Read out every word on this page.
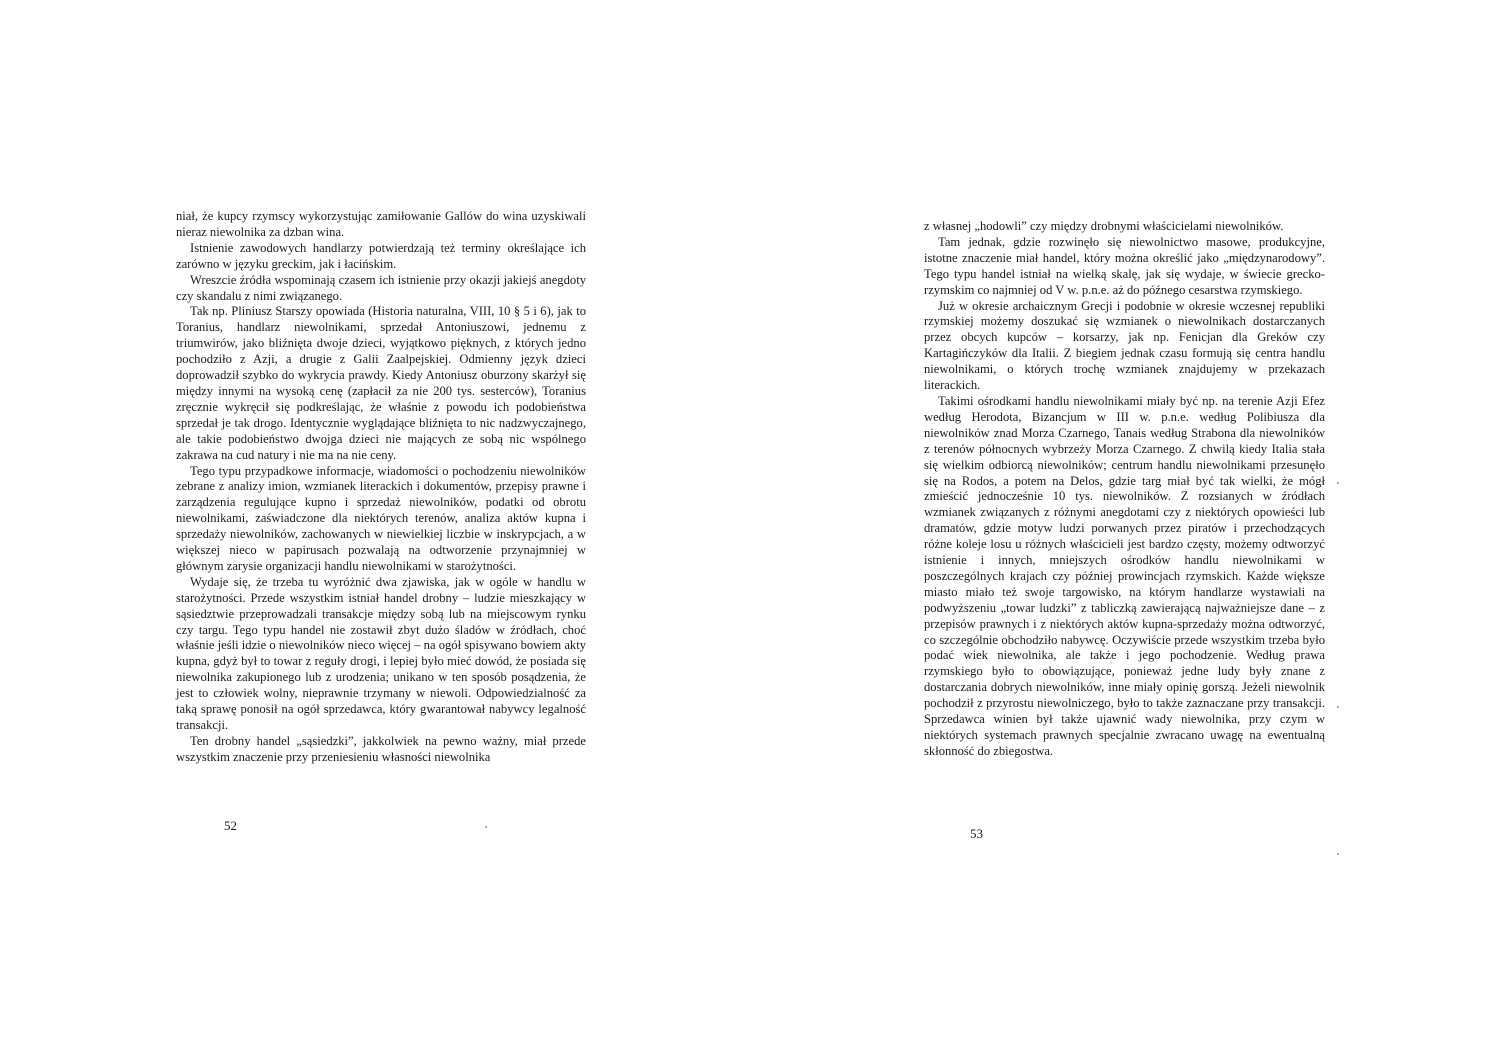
niał, że kupcy rzymscy wykorzystując zamiłowanie Gallów do wina uzyskiwali nieraz niewolnika za dzban wina.

Istnienie zawodowych handlarzy potwierdzają też terminy określające ich zarówno w języku greckim, jak i łacińskim.

Wreszcie źródła wspominają czasem ich istnienie przy okazji jakiejś anegdoty czy skandalu z nimi związanego.

Tak np. Pliniusz Starszy opowiada (Historia naturalna, VIII, 10 § 5 i 6), jak to Toranius, handlarz niewolnikami, sprzedał Antoniuszowi, jednemu z triumwirów, jako bliźnięta dwoje dzieci, wyjątkowo pięknych, z których jedno pochodziło z Azji, a drugie z Galii Zaalpejskiej. Odmienny język dzieci doprowadził szybko do wykrycia prawdy. Kiedy Antoniusz oburzony skarżył się między innymi na wysoką cenę (zapłacił za nie 200 tys. sesterców), Toranius zręcznie wykręcił się podkreślając, że właśnie z powodu ich podobieństwa sprzedał je tak drogo. Identycznie wyglądające bliźnięta to nic nadzwyczajnego, ale takie podobieństwo dwojga dzieci nie mających ze sobą nic wspólnego zakrawa na cud natury i nie ma na nie ceny.

Tego typu przypadkowe informacje, wiadomości o pochodzeniu niewolników zebrane z analizy imion, wzmianek literackich i dokumentów, przepisy prawne i zarządzenia regulujące kupno i sprzedaż niewolników, podatki od obrotu niewolnikami, zaświadczone dla niektórych terenów, analiza aktów kupna i sprzedaży niewolników, zachowanych w niewielkiej liczbie w inskrypcjach, a w większej nieco w papirusach pozwalają na odtworzenie przynajmniej w głównym zarysie organizacji handlu niewolnikami w starożytności.

Wydaje się, że trzeba tu wyróżnić dwa zjawiska, jak w ogóle w handlu w starożytności. Przede wszystkim istniał handel drobny – ludzie mieszkający w sąsiedztwie przeprowadzali transakcje między sobą lub na miejscowym rynku czy targu. Tego typu handel nie zostawił zbyt dużo śladów w źródłach, choć właśnie jeśli idzie o niewolników nieco więcej – na ogół spisywano bowiem akty kupna, gdyż był to towar z reguły drogi, i lepiej było mieć dowód, że posiada się niewolnika zakupionego lub z urodzenia; unikano w ten sposób posądzenia, że jest to człowiek wolny, nieprawnie trzymany w niewoli. Odpowiedzialność za taką sprawę ponosił na ogół sprzedawca, który gwarantował nabywcy legalność transakcji.

Ten drobny handel „sąsiedzki”, jakkolwiek na pewno ważny, miał przede wszystkim znaczenie przy przeniesieniu własności niewolnika

52

z własnej „hodowli” czy między drobnymi właścicielami niewolników.

Tam jednak, gdzie rozwinęło się niewolnictwo masowe, produkcyjne, istotne znaczenie miał handel, który można określić jako „międzynarodowy”. Tego typu handel istniał na wielką skalę, jak się wydaje, w świecie grecko-rzymskim co najmniej od V w. p.n.e. aż do późnego cesarstwa rzymskiego.

Już w okresie archaicznym Grecji i podobnie w okresie wczesnej republiki rzymskiej możemy doszukać się wzmianek o niewolnikach dostarczanych przez obcych kupców – korsarzy, jak np. Fenicjan dla Greków czy Kartagińczyków dla Italii. Z biegiem jednak czasu formują się centra handlu niewolnikami, o których trochę wzmianek znajdujemy w przekazach literackich.

Takimi ośrodkami handlu niewolnikami miały być np. na terenie Azji Efez według Herodota, Bizancjum w III w. p.n.e. według Polibiusza dla niewolników znad Morza Czarnego, Tanais według Strabona dla niewolników z terenów północnych wybrzeży Morza Czarnego. Z chwilą kiedy Italia stała się wielkim odbiorcą niewolników; centrum handlu niewolnikami przesunęło się na Rodos, a potem na Delos, gdzie targ miał być tak wielki, że mógł zmieścić jednocześnie 10 tys. niewolników. Z rozsianych w źródłach wzmianek związanych z różnymi anegdotami czy z niektórych opowieści lub dramatów, gdzie motyw ludzi porwanych przez piratów i przechodzących różne koleje losu u różnych właścicieli jest bardzo częsty, możemy odtworzyć istnienie i innych, mniejszych ośrodków handlu niewolnikami w poszczególnych krajach czy później prowincjach rzymskich. Każde większe miasto miało też swoje targowisko, na którym handlarze wystawiali na podwyższeniu „towar ludzki” z tabliczką zawierającą najważniejsze dane – z przepisów prawnych i z niektórych aktów kupna-sprzedaży można odtworzyć, co szczególnie obchodziło nabywcę. Oczywiście przede wszystkim trzeba było podać wiek niewolnika, ale także i jego pochodzenie. Według prawa rzymskiego było to obowiązujące, ponieważ jedne ludy były znane z dostarczania dobrych niewolników, inne miały opinię gorszą. Jeżeli niewolnik pochodził z przyrostu niewolniczego, było to także zaznaczane przy transakcji. Sprzedawca winien był także ujawnić wady niewolnika, przy czym w niektórych systemach prawnych specjalnie zwracano uwagę na ewentualną skłonność do zbiegostwa.

53
